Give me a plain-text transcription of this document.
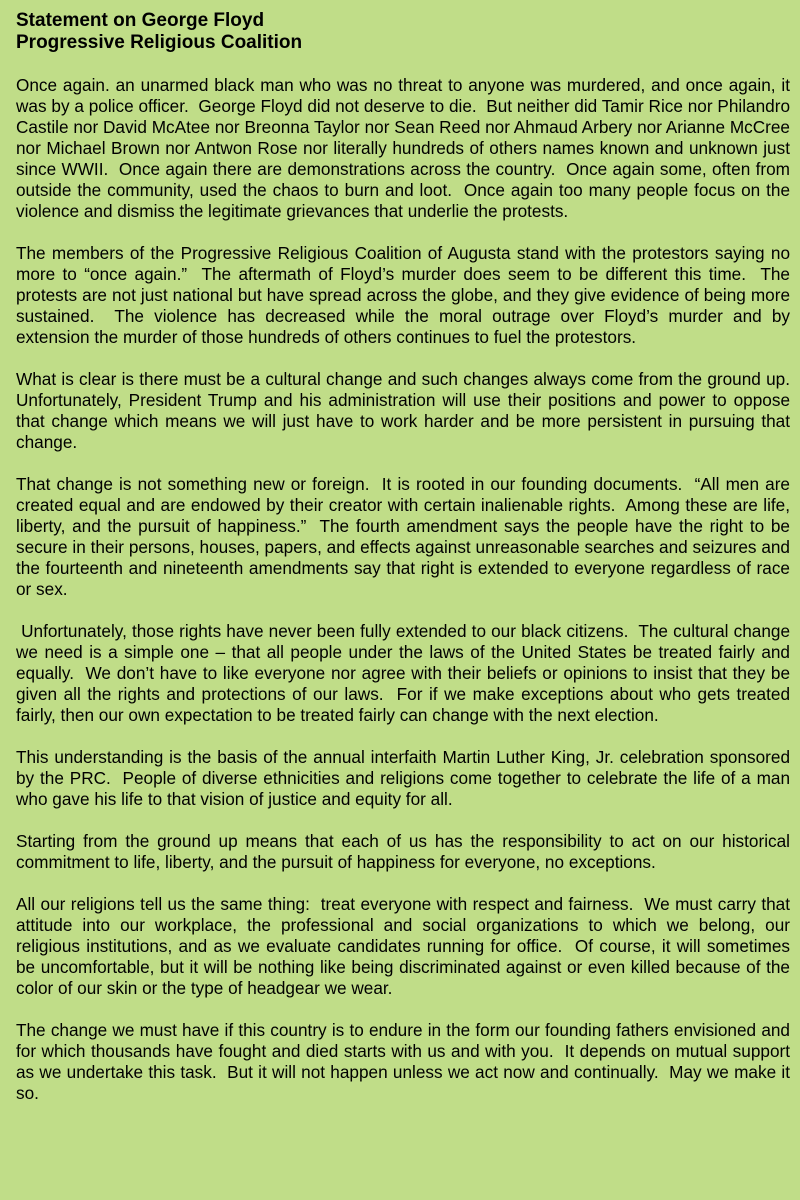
Statement on George Floyd
Progressive Religious Coalition

Once again. an unarmed black man who was no threat to anyone was murdered, and once again, it was by a police officer.  George Floyd did not deserve to die.  But neither did Tamir Rice nor Philandro Castile nor David McAtee nor Breonna Taylor nor Sean Reed nor Ahmaud Arbery nor Arianne McCree nor Michael Brown nor Antwon Rose nor literally hundreds of others names known and unknown just since WWII.  Once again there are demonstrations across the country.  Once again some, often from outside the community, used the chaos to burn and loot.  Once again too many people focus on the violence and dismiss the legitimate grievances that underlie the protests.

The members of the Progressive Religious Coalition of Augusta stand with the protestors saying no more to “once again.”  The aftermath of Floyd’s murder does seem to be different this time.  The protests are not just national but have spread across the globe, and they give evidence of being more sustained.  The violence has decreased while the moral outrage over Floyd’s murder and by extension the murder of those hundreds of others continues to fuel the protestors.

What is clear is there must be a cultural change and such changes always come from the ground up.  Unfortunately, President Trump and his administration will use their positions and power to oppose that change which means we will just have to work harder and be more persistent in pursuing that change.

That change is not something new or foreign.  It is rooted in our founding documents.  “All men are created equal and are endowed by their creator with certain inalienable rights.  Among these are life, liberty, and the pursuit of happiness.”  The fourth amendment says the people have the right to be secure in their persons, houses, papers, and effects against unreasonable searches and seizures and the fourteenth and nineteenth amendments say that right is extended to everyone regardless of race or sex.

Unfortunately, those rights have never been fully extended to our black citizens.  The cultural change we need is a simple one – that all people under the laws of the United States be treated fairly and equally.  We don’t have to like everyone nor agree with their beliefs or opinions to insist that they be given all the rights and protections of our laws.  For if we make exceptions about who gets treated fairly, then our own expectation to be treated fairly can change with the next election.

This understanding is the basis of the annual interfaith Martin Luther King, Jr. celebration sponsored by the PRC.  People of diverse ethnicities and religions come together to celebrate the life of a man who gave his life to that vision of justice and equity for all.

Starting from the ground up means that each of us has the responsibility to act on our historical commitment to life, liberty, and the pursuit of happiness for everyone, no exceptions.

All our religions tell us the same thing:  treat everyone with respect and fairness.  We must carry that attitude into our workplace, the professional and social organizations to which we belong, our religious institutions, and as we evaluate candidates running for office.  Of course, it will sometimes be uncomfortable, but it will be nothing like being discriminated against or even killed because of the color of our skin or the type of headgear we wear.

The change we must have if this country is to endure in the form our founding fathers envisioned and for which thousands have fought and died starts with us and with you.  It depends on mutual support as we undertake this task.  But it will not happen unless we act now and continually.  May we make it so.
